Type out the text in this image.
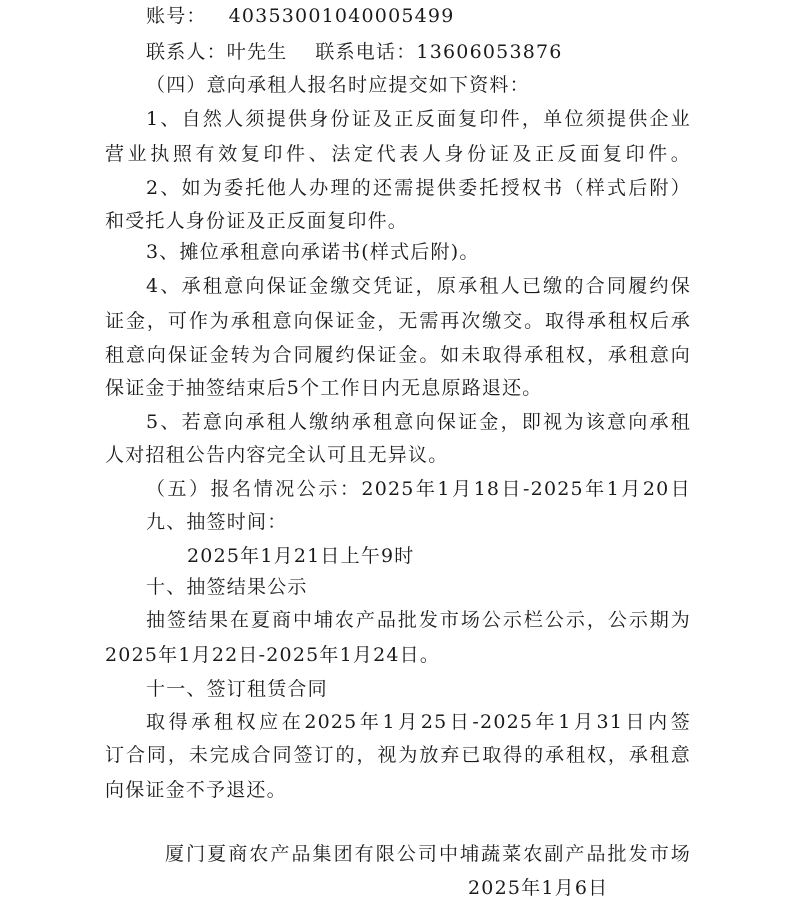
账号： 40353001040005499
联系人：叶先生 联系电话：13606053876
（四）意向承租人报名时应提交如下资料：
1、自然人须提供身份证及正反面复印件，单位须提供企业
营业执照有效复印件、法定代表人身份证及正反面复印件。
2、如为委托他人办理的还需提供委托授权书（样式后附）
和受托人身份证及正反面复印件。
3、摊位承租意向承诺书(样式后附)。
4、承租意向保证金缴交凭证，原承租人已缴的合同履约保
证金，可作为承租意向保证金，无需再次缴交。取得承租权后承
租意向保证金转为合同履约保证金。如未取得承租权，承租意向
保证金于抽签结束后5个工作日内无息原路退还。
5、若意向承租人缴纳承租意向保证金，即视为该意向承租
人对招租公告内容完全认可且无异议。
（五）报名情况公示：2025年1月18日-2025年1月20日
九、抽签时间：
2025年1月21日上午9时
十、抽签结果公示
抽签结果在夏商中埔农产品批发市场公示栏公示，公示期为
2025年1月22日-2025年1月24日。
十一、签订租赁合同
取得承租权应在2025年1月25日-2025年1月31日内签
订合同，未完成合同签订的，视为放弃已取得的承租权，承租意
向保证金不予退还。
厦门夏商农产品集团有限公司中埔蔬菜农副产品批发市场
2025年1月6日
